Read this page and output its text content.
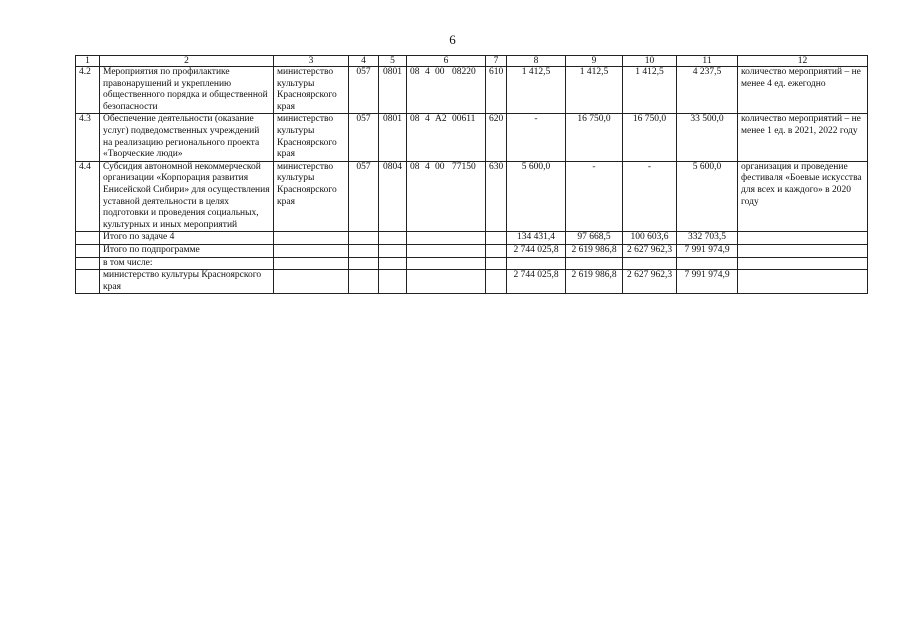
6
1	2	3	4	5	6	7	8	9	10	11	12
4.2	Мероприятия по профилактике правонарушений и укреплению общественного порядка и общественной безопасности	министерство культуры Красноярского края	057	0801	08 4 00 08220	610	1 412,5	1 412,5	1 412,5	4 237,5	количество мероприятий – не менее 4 ед. ежегодно
4.3	Обеспечение деятельности (оказание услуг) подведомственных учреждений на реализацию регионального проекта «Творческие люди»	министерство культуры Красноярского края	057	0801	08 4 A2 00611	620	-	16 750,0	16 750,0	33 500,0	количество мероприятий – не менее 1 ед. в 2021, 2022 году
4.4	Субсидия автономной некоммерческой организации «Корпорация развития Енисейской Сибири» для осуществления уставной деятельности в целях подготовки и проведения социальных, культурных и иных мероприятий	министерство культуры Красноярского края	057	0804	08 4 00 77150	630	5 600,0	-	-	5 600,0	организация и проведение фестиваля «Боевые искусства для всех и каждого» в 2020 году
	Итого по задаче 4						134 431,4	97 668,5	100 603,6	332 703,5	
	Итого по подпрограмме						2 744 025,8	2 619 986,8	2 627 962,3	7 991 974,9	
	в том числе:										
	министерство культуры Красноярского края						2 744 025,8	2 619 986,8	2 627 962,3	7 991 974,9	
